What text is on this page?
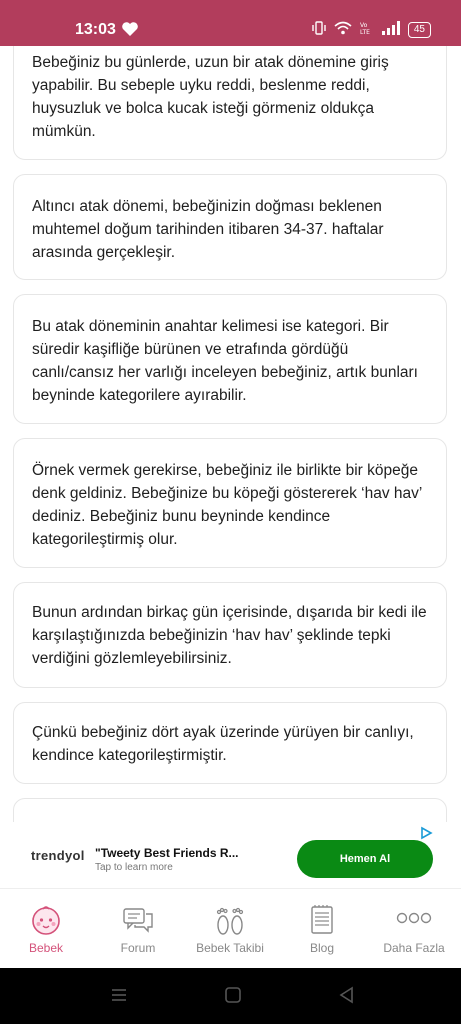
13:03	Vo
LTE	45

Bebeğiniz bu günlerde, uzun bir atak dönemine giriş yapabilir. Bu sebeple uyku reddi, beslenme reddi, huysuzluk ve bolca kucak isteği görmeniz oldukça mümkün.

Altıncı atak dönemi, bebeğinizin doğması beklenen muhtemel doğum tarihinden itibaren 34-37. haftalar arasında gerçekleşir.

Bu atak döneminin anahtar kelimesi ise kategori. Bir süredir kaşifliğe bürünen ve etrafında gördüğü canlı/cansız her varlığı inceleyen bebeğiniz, artık bunları beyninde kategorilere ayırabilir.

Örnek vermek gerekirse, bebeğiniz ile birlikte bir köpeğe denk geldiniz. Bebeğinize bu köpeği göstererek ‘hav hav’ dediniz. Bebeğiniz bunu beyninde kendince kategorileştirmiş olur.

Bunun ardından birkaç gün içerisinde, dışarıda bir kedi ile karşılaştığınızda bebeğinizin ‘hav hav’ şeklinde tepki verdiğini gözlemleyebilirsiniz.

Çünkü bebeğiniz dört ayak üzerinde yürüyen bir canlıyı, kendince kategorileştirmiştir.

trendyol "Tweety Best Friends R...
Tap to learn more
Hemen Al
Bebek	Forum	Bebek Takibi	Blog	Daha Fazla
